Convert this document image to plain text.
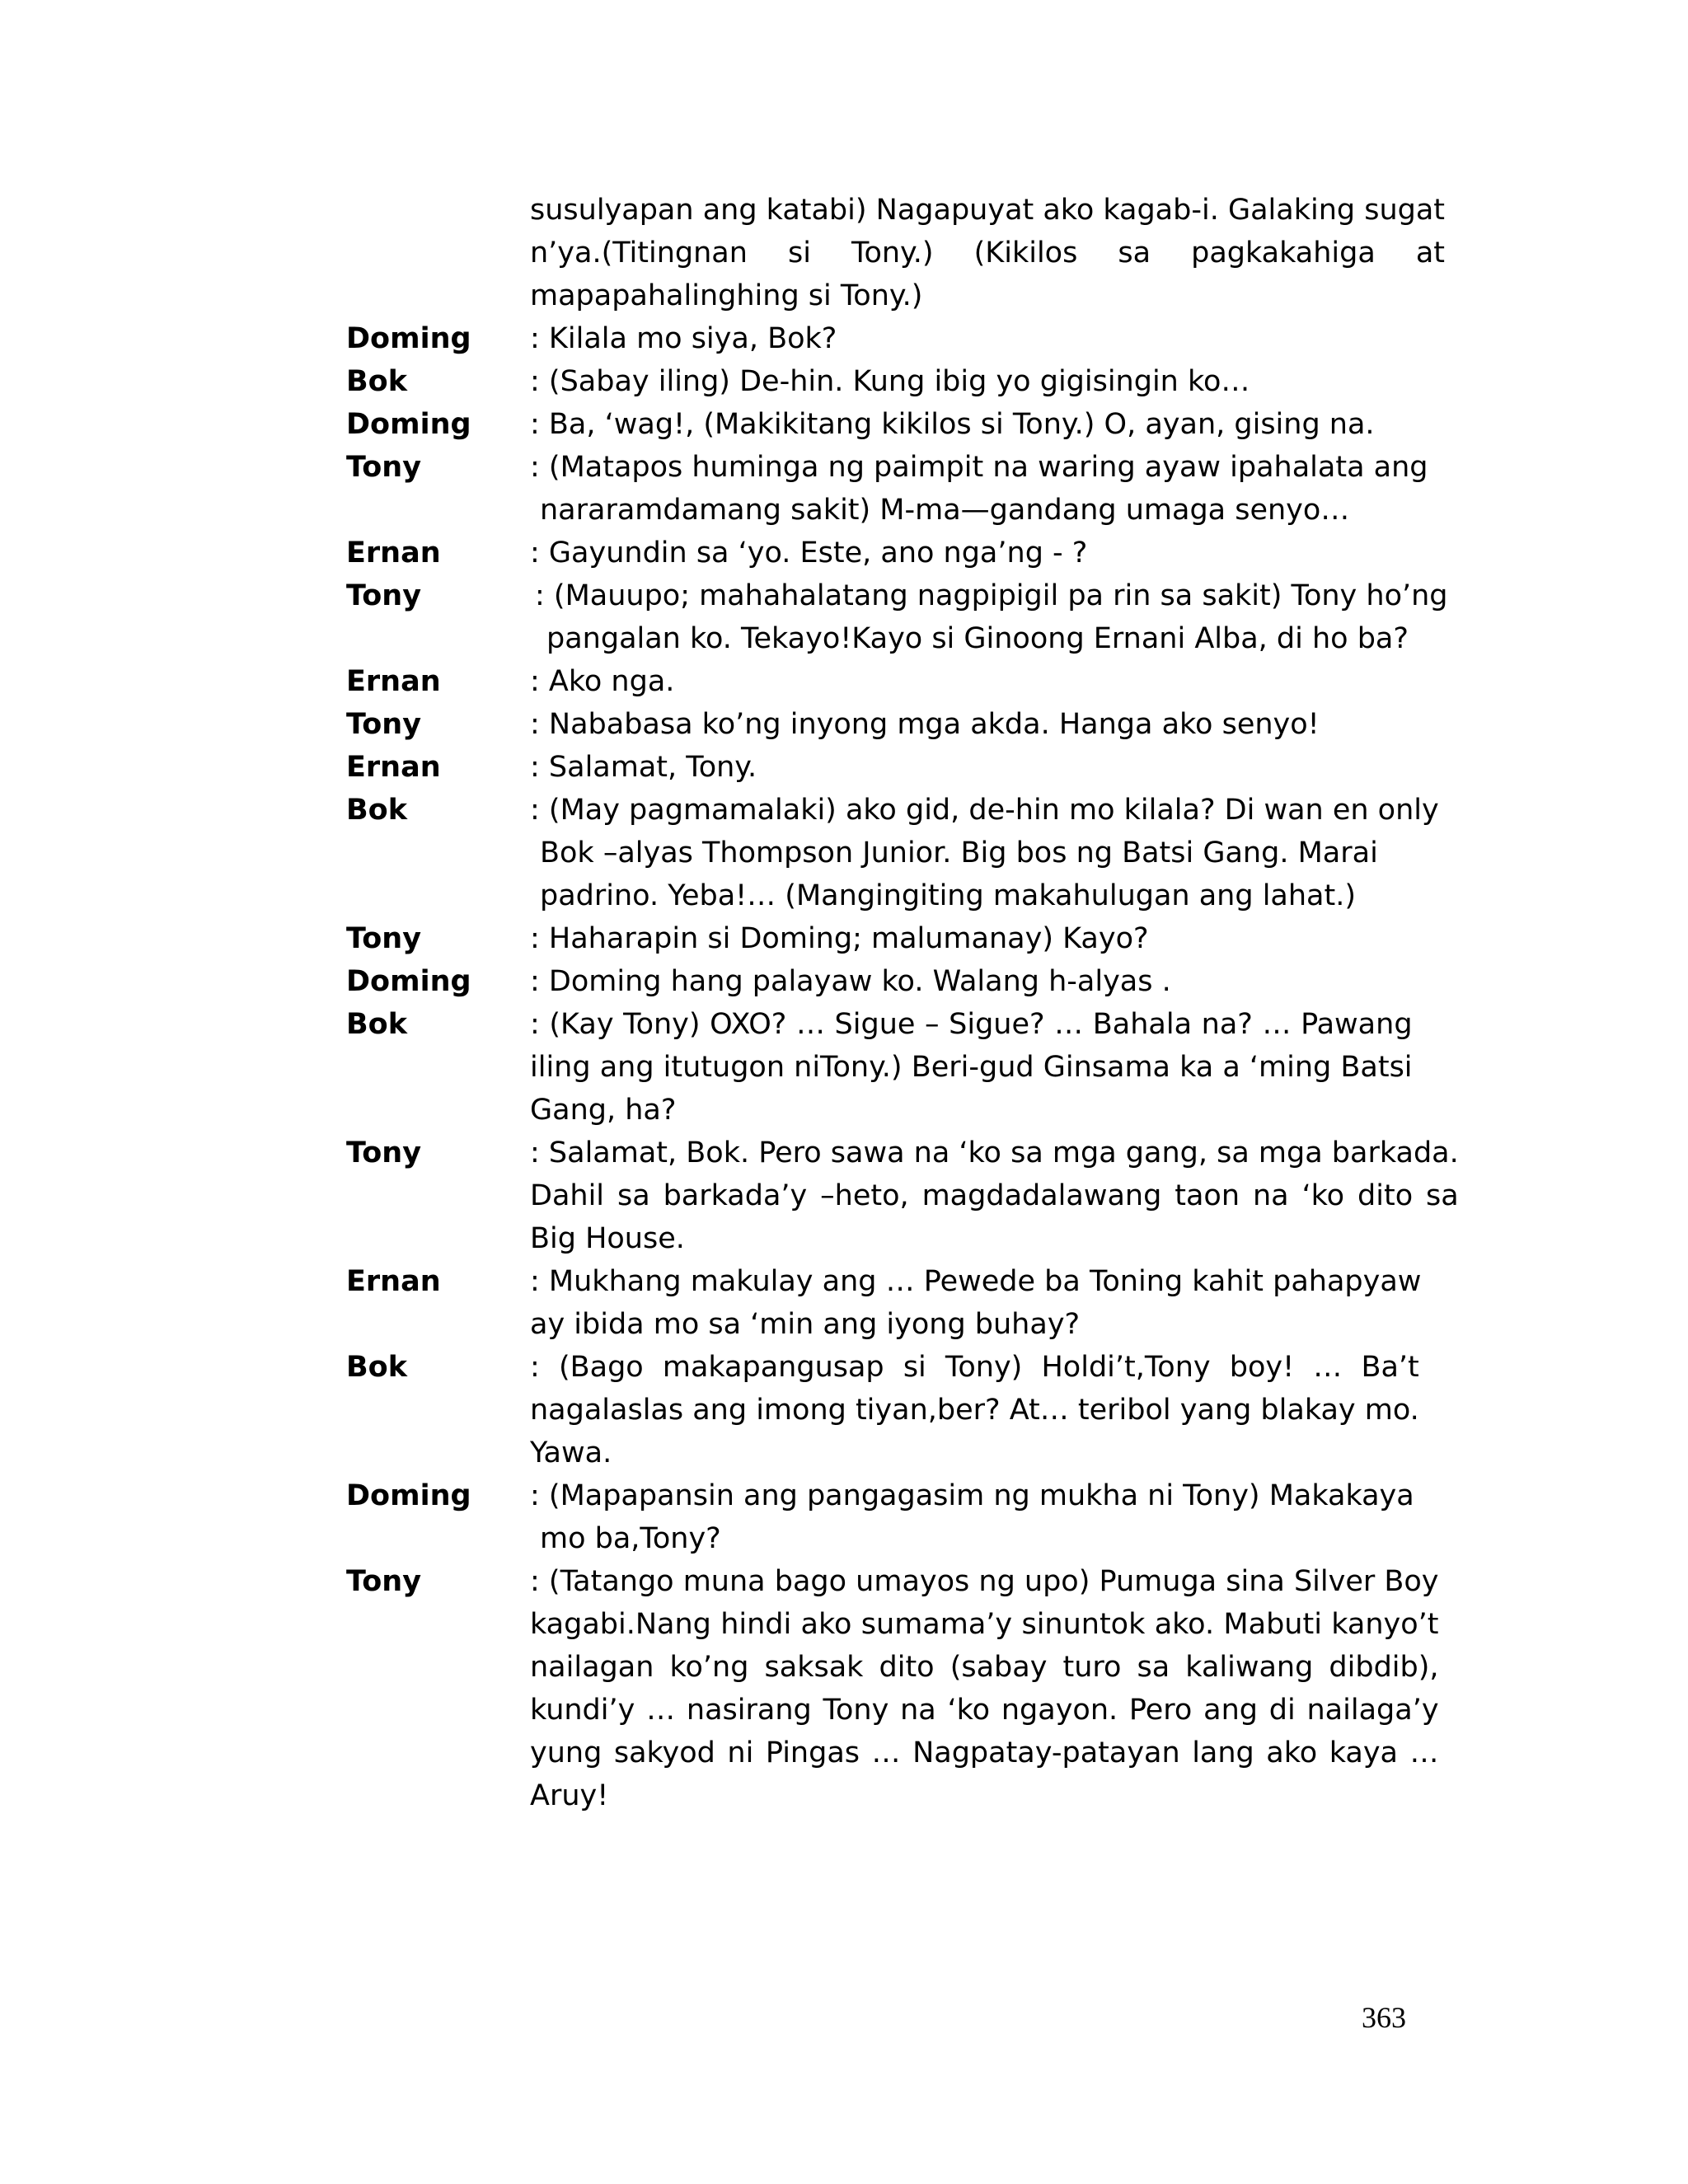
susulyapan ang katabi) Nagapuyat ako kagab-i. Galaking sugat
n’ya.(Titingnan si Tony.) (Kikilos sa pagkakahiga at
mapapahalinghing si Tony.)
Doming	: Kilala mo siya, Bok?
Bok	: (Sabay iling) De-hin. Kung ibig yo gigisingin ko…
Doming	: Ba, ‘wag!, (Makikitang kikilos si Tony.) O, ayan, gising na.
Tony	: (Matapos huminga ng paimpit na waring ayaw ipahalata ang
nararamdamang sakit) M-ma—gandang umaga senyo…
Ernan	: Gayundin sa ‘yo. Este, ano nga’ng - ?
Tony	: (Mauupo; mahahalatang nagpipigil pa rin sa sakit) Tony ho’ng
pangalan ko. Tekayo!Kayo si Ginoong Ernani Alba, di ho ba?
Ernan	: Ako nga.
Tony	: Nababasa ko’ng inyong mga akda. Hanga ako senyo!
Ernan	: Salamat, Tony.
Bok	: (May pagmamalaki) ako gid, de-hin mo kilala? Di wan en only
Bok –alyas Thompson Junior. Big bos ng Batsi Gang. Marai
padrino. Yeba!… (Mangingiting makahulugan ang lahat.)
Tony	: Haharapin si Doming; malumanay) Kayo?
Doming	: Doming hang palayaw ko. Walang h-alyas .
Bok	: (Kay Tony) OXO? … Sigue – Sigue? … Bahala na? … Pawang
iling ang itutugon niTony.) Beri-gud Ginsama ka a ‘ming Batsi
Gang, ha?
Tony	: Salamat, Bok. Pero sawa na ‘ko sa mga gang, sa mga barkada.
Dahil sa barkada’y –heto, magdadalawang taon na ‘ko dito sa
Big House.
Ernan	: Mukhang makulay ang … Pewede ba Toning kahit pahapyaw
ay ibida mo sa ‘min ang iyong buhay?
Bok	: (Bago makapangusap si Tony) Holdi’t,Tony boy! … Ba’t
nagalaslas ang imong tiyan,ber? At… teribol yang blakay mo.
Yawa.
Doming	: (Mapapansin ang pangagasim ng mukha ni Tony) Makakaya
mo ba,Tony?
Tony	: (Tatango muna bago umayos ng upo) Pumuga sina Silver Boy
kagabi.Nang hindi ako sumama’y sinuntok ako. Mabuti kanyo’t
nailagan ko’ng saksak dito (sabay turo sa kaliwang dibdib),
kundi’y … nasirang Tony na ‘ko ngayon. Pero ang di nailaga’y
yung sakyod ni Pingas … Nagpatay-patayan lang ako kaya …
Aruy!
363
